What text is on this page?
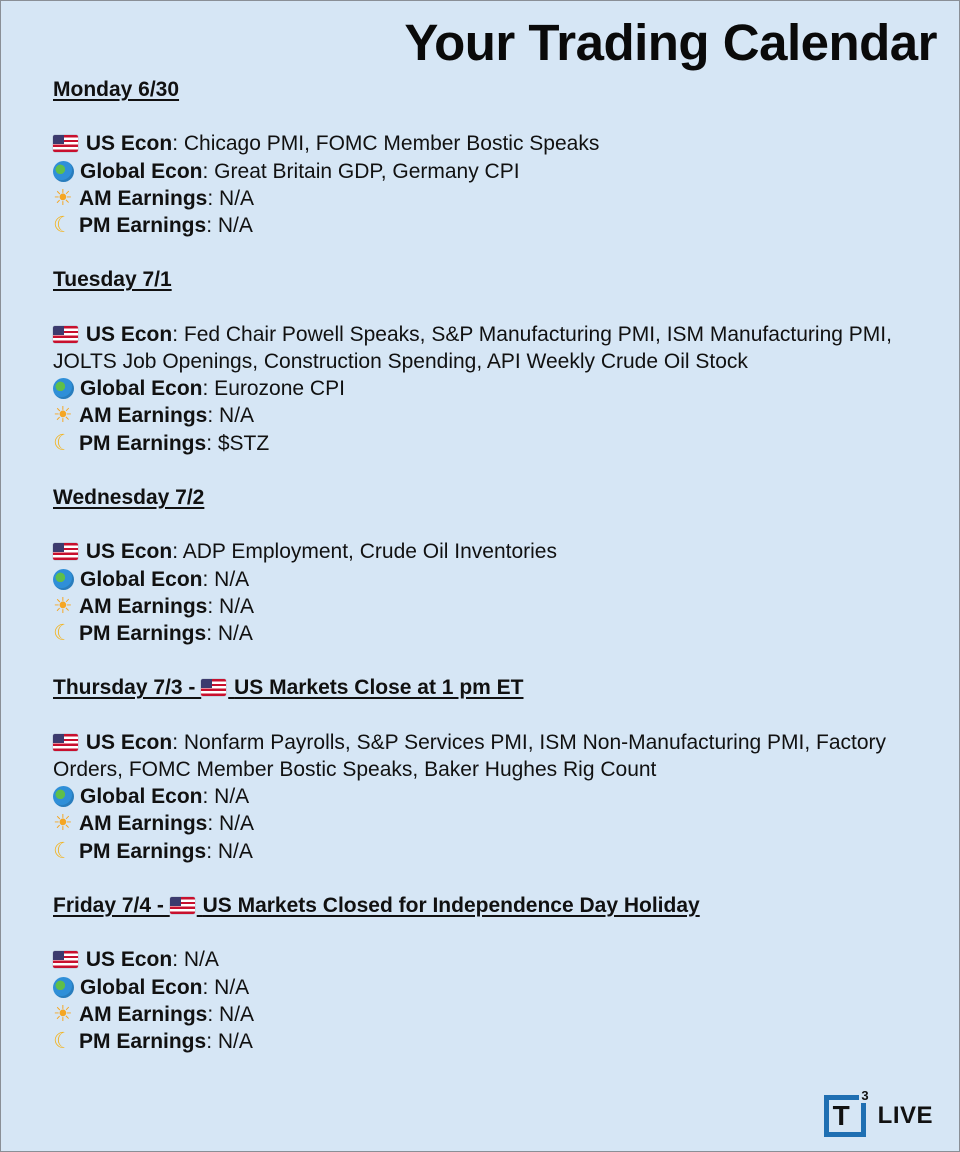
Your Trading Calendar
Monday 6/30
US Econ: Chicago PMI, FOMC Member Bostic Speaks
Global Econ: Great Britain GDP, Germany CPI
☀ AM Earnings: N/A
☾ PM Earnings: N/A
Tuesday 7/1
US Econ: Fed Chair Powell Speaks, S&P Manufacturing PMI, ISM Manufacturing PMI, JOLTS Job Openings, Construction Spending, API Weekly Crude Oil Stock
Global Econ: Eurozone CPI
☀ AM Earnings: N/A
☾ PM Earnings: $STZ
Wednesday 7/2
US Econ: ADP Employment, Crude Oil Inventories
Global Econ: N/A
☀ AM Earnings: N/A
☾ PM Earnings: N/A
Thursday 7/3 -  US Markets Close at 1 pm ET
US Econ: Nonfarm Payrolls, S&P Services PMI, ISM Non-Manufacturing PMI, Factory Orders, FOMC Member Bostic Speaks, Baker Hughes Rig Count
Global Econ: N/A
☀ AM Earnings: N/A
☾ PM Earnings: N/A
Friday 7/4 -  US Markets Closed for Independence Day Holiday
US Econ: N/A
Global Econ: N/A
☀ AM Earnings: N/A
☾ PM Earnings: N/A
T
3
LIVE
